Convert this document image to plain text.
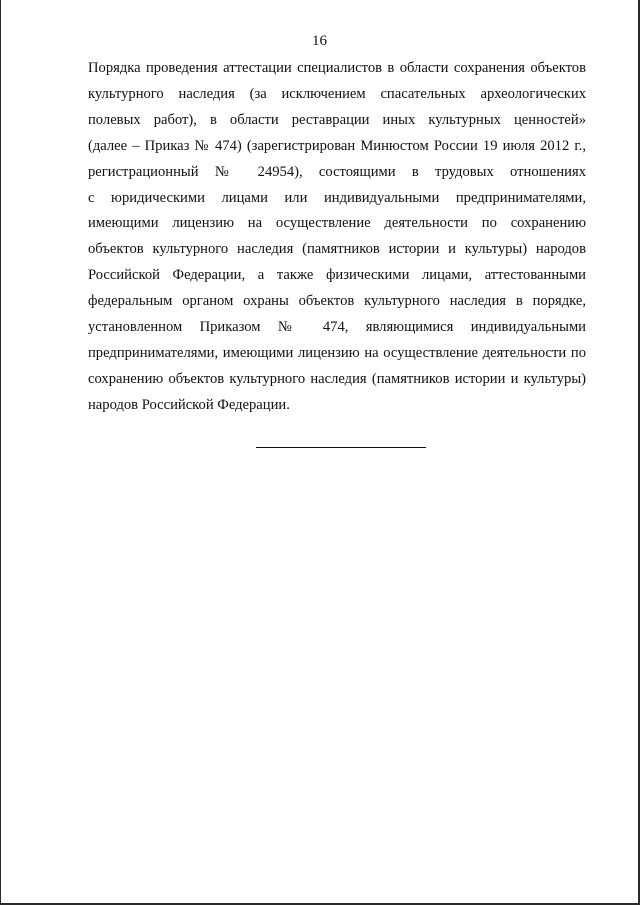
16
Порядка проведения аттестации специалистов в области сохранения объектов
культурного наследия (за исключением спасательных археологических
полевых работ), в области реставрации иных культурных ценностей»
(далее – Приказ № 474) (зарегистрирован Минюстом России 19 июля 2012 г.,
регистрационный № 24954), состоящими в трудовых отношениях
с юридическими лицами или индивидуальными предпринимателями,
имеющими лицензию на осуществление деятельности по сохранению
объектов культурного наследия (памятников истории и культуры) народов
Российской Федерации, а также физическими лицами, аттестованными
федеральным органом охраны объектов культурного наследия в порядке,
установленном Приказом № 474, являющимися индивидуальными
предпринимателями, имеющими лицензию на осуществление деятельности по
сохранению объектов культурного наследия (памятников истории и культуры)
народов Российской Федерации.
